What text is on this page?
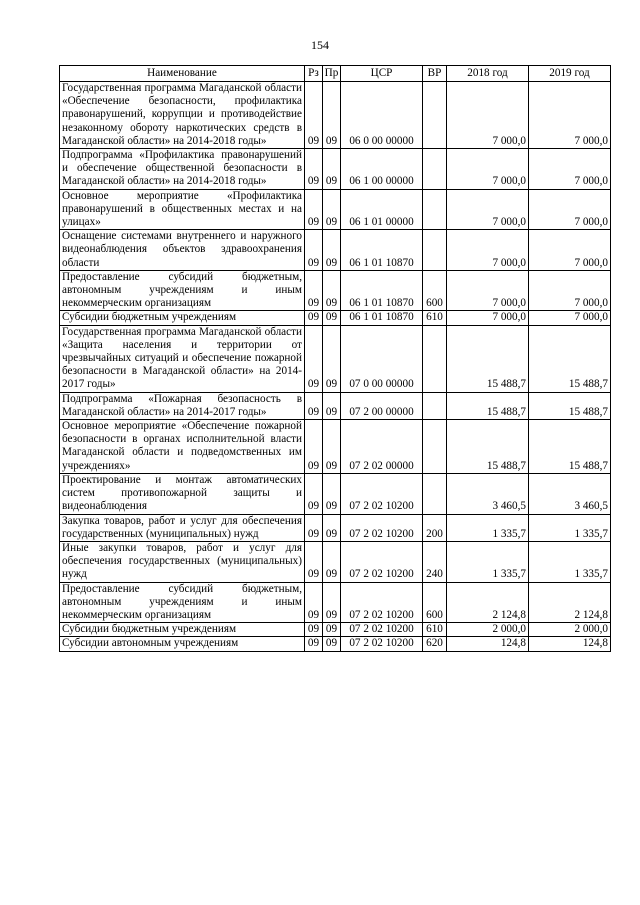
154
Наименование	Рз	Пр	ЦСР	ВР	2018 год	2019 год
Государственная программа Магаданской области «Обеспечение безопасности, профилактика правонарушений, коррупции и противодействие незаконному обороту наркотических средств в Магаданской области» на 2014-2018 годы»	09	09	06 0 00 00000		7 000,0	7 000,0
Подпрограмма «Профилактика правонарушений и обеспечение общественной безопасности в Магаданской области» на 2014-2018 годы»	09	09	06 1 00 00000		7 000,0	7 000,0
Основное мероприятие «Профилактика правонарушений в общественных местах и на улицах»	09	09	06 1 01 00000		7 000,0	7 000,0
Оснащение системами внутреннего и наружного видеонаблюдения объектов здравоохранения области	09	09	06 1 01 10870		7 000,0	7 000,0
Предоставление субсидий бюджетным, автономным учреждениям и иным некоммерческим организациям	09	09	06 1 01 10870	600	7 000,0	7 000,0
Субсидии бюджетным учреждениям	09	09	06 1 01 10870	610	7 000,0	7 000,0
Государственная программа Магаданской области «Защита населения и территории от чрезвычайных ситуаций и обеспечение пожарной безопасности в Магаданской области» на 2014-2017 годы»	09	09	07 0 00 00000		15 488,7	15 488,7
Подпрограмма «Пожарная безопасность в Магаданской области» на 2014-2017 годы»	09	09	07 2 00 00000		15 488,7	15 488,7
Основное мероприятие «Обеспечение пожарной безопасности в органах исполнительной власти Магаданской области и подведомственных им учреждениях»	09	09	07 2 02 00000		15 488,7	15 488,7
Проектирование и монтаж автоматических систем противопожарной защиты и видеонаблюдения	09	09	07 2 02 10200		3 460,5	3 460,5
Закупка товаров, работ и услуг для обеспечения государственных (муниципальных) нужд	09	09	07 2 02 10200	200	1 335,7	1 335,7
Иные закупки товаров, работ и услуг для обеспечения государственных (муниципальных) нужд	09	09	07 2 02 10200	240	1 335,7	1 335,7
Предоставление субсидий бюджетным, автономным учреждениям и иным некоммерческим организациям	09	09	07 2 02 10200	600	2 124,8	2 124,8
Субсидии бюджетным учреждениям	09	09	07 2 02 10200	610	2 000,0	2 000,0
Субсидии автономным учреждениям	09	09	07 2 02 10200	620	124,8	124,8
